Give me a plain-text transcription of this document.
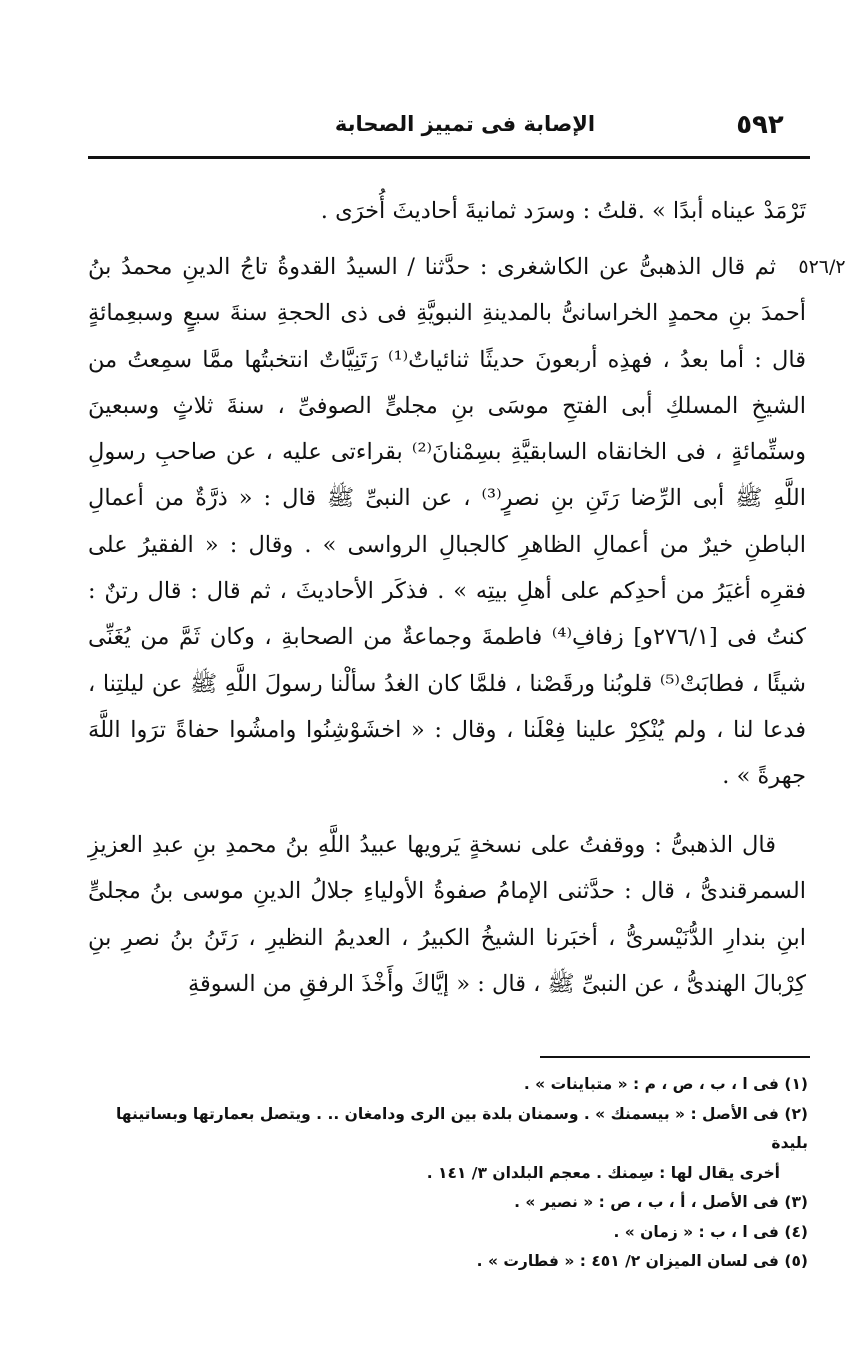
٥٩٢
الإصابة فى تمييز الصحابة
٥٢٦/٢

تَرْمَدْ عيناه أبدًا » .قلتُ : وسرَد ثمانيةَ أحاديثَ أُخرَى .

ثم قال الذهبىُّ عن الكاشغرى : حدَّثنا / السيدُ القدوةُ تاجُ الدينِ محمدُ بنُ أحمدَ بنِ محمدٍ الخراسانىُّ بالمدينةِ النبويَّةِ فى ذى الحجةِ سنةَ سبعٍ وسبعِمائةٍ قال : أما بعدُ ، فهذِه أربعونَ حديثًا ثنائياتٌ⁽¹⁾ رَتَنِيَّاتٌ انتخبتُها ممَّا سمِعتُ من الشيخِ المسلكِ أبى الفتحِ موسَى بنِ مجلىٍّ الصوفىِّ ، سنةَ ثلاثٍ وسبعينَ وستِّمائةٍ ، فى الخانقاه السابقيَّةِ بسِمْنانَ⁽²⁾ بقراءتى عليه ، عن صاحبِ رسولِ اللَّهِ ﷺ أبى الرِّضا رَتَنِ بنِ نصرٍ⁽³⁾ ، عن النبىِّ ﷺ قال : « ذرَّةٌ من أعمالِ الباطنِ خيرٌ من أعمالِ الظاهرِ كالجبالِ الرواسى » . وقال : « الفقيرُ على فقرِه أغيَرُ من أحدِكم على أهلِ بيتِه » . فذكَر الأحاديثَ ، ثم قال : قال رتنٌ : كنتُ فى [٢٧٦/١و] زفافِ⁽⁴⁾ فاطمةَ وجماعةٌ من الصحابةِ ، وكان ثَمَّ من يُغَنِّى شيئًا ، فطابَتْ⁽⁵⁾ قلوبُنا ورقَصْنا ، فلمَّا كان الغدُ سألْنا رسولَ اللَّهِ ﷺ عن ليلتِنا ، فدعا لنا ، ولم يُنْكِرْ علينا فِعْلَنا ، وقال : « اخشَوْشِنُوا وامشُوا حفاةً ترَوا اللَّهَ جهرةً » .

قال الذهبىُّ : ووقفتُ على نسخةٍ يَرويها عبيدُ اللَّهِ بنُ محمدِ بنِ عبدِ العزيزِ السمرقندىُّ ، قال : حدَّثنى الإمامُ صفوةُ الأولياءِ جلالُ الدينِ موسى بنُ مجلىٍّ ابنِ بندارِ الدُّنَيْسرىُّ ، أخبَرنا الشيخُ الكبيرُ ، العديمُ النظيرِ ، رَتَنُ بنُ نصرِ بنِ كِرْبالَ الهندىُّ ، عن النبىِّ ﷺ ، قال : « إيَّاكَ وأَخْذَ الرفقِ من السوقةِ

(١) فى ا ، ب ، ص ، م : « متباينات » .

(٢) فى الأصل : « بيسمنك » . وسمنان بلدة بين الرى ودامغان .. . ويتصل بعمارتها وبساتينها بليدة

أخرى يقال لها : سِمنك . معجم البلدان ٣/ ١٤١ .

(٣) فى الأصل ، أ ، ب ، ص : « نصير » .

(٤) فى ا ، ب : « زمان » .

(٥) فى لسان الميزان ٢/ ٤٥١ : « فطارت » .
